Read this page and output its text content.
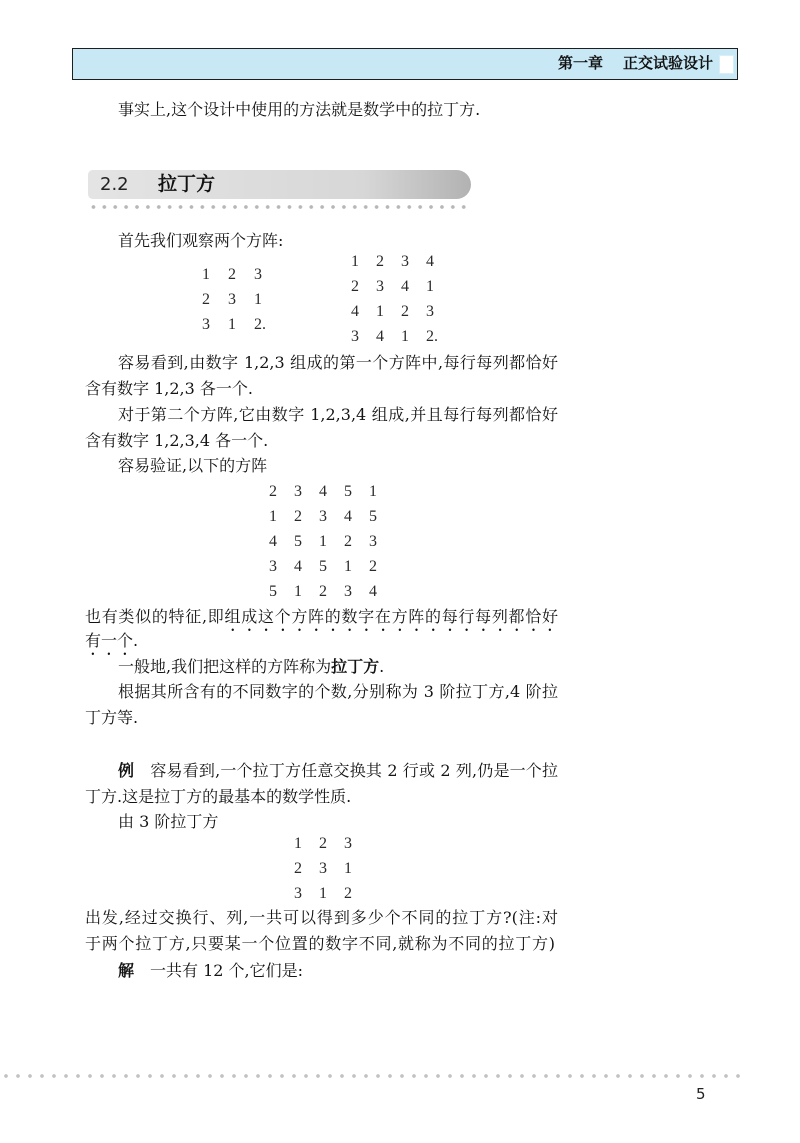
第一章 正交试验设计
事实上,这个设计中使用的方法就是数学中的拉丁方.
2.2 拉丁方
首先我们观察两个方阵:
1 2 3
2 3 1
3 1 2.
1 2 3 4
2 3 4 1
4 1 2 3
3 4 1 2.
容易看到,由数字 1,2,3 组成的第一个方阵中,每行每列都恰好
含有数字 1,2,3 各一个.
对于第二个方阵,它由数字 1,2,3,4 组成,并且每行每列都恰好
含有数字 1,2,3,4 各一个.
容易验证,以下的方阵
2 3 4 5 1
1 2 3 4 5
4 5 1 2 3
3 4 5 1 2
5 1 2 3 4
也有类似的特征,即组成这个方阵的数字在方阵的每行每列都恰好
有一个.
一般地,我们把这样的方阵称为拉丁方.
根据其所含有的不同数字的个数,分别称为 3 阶拉丁方,4 阶拉
丁方等.
例　容易看到,一个拉丁方任意交换其 2 行或 2 列,仍是一个拉
丁方.这是拉丁方的最基本的数学性质.
由 3 阶拉丁方
1 2 3
2 3 1
3 1 2
出发,经过交换行、列,一共可以得到多少个不同的拉丁方?(注:对
于两个拉丁方,只要某一个位置的数字不同,就称为不同的拉丁方)
解　一共有 12 个,它们是:
5
